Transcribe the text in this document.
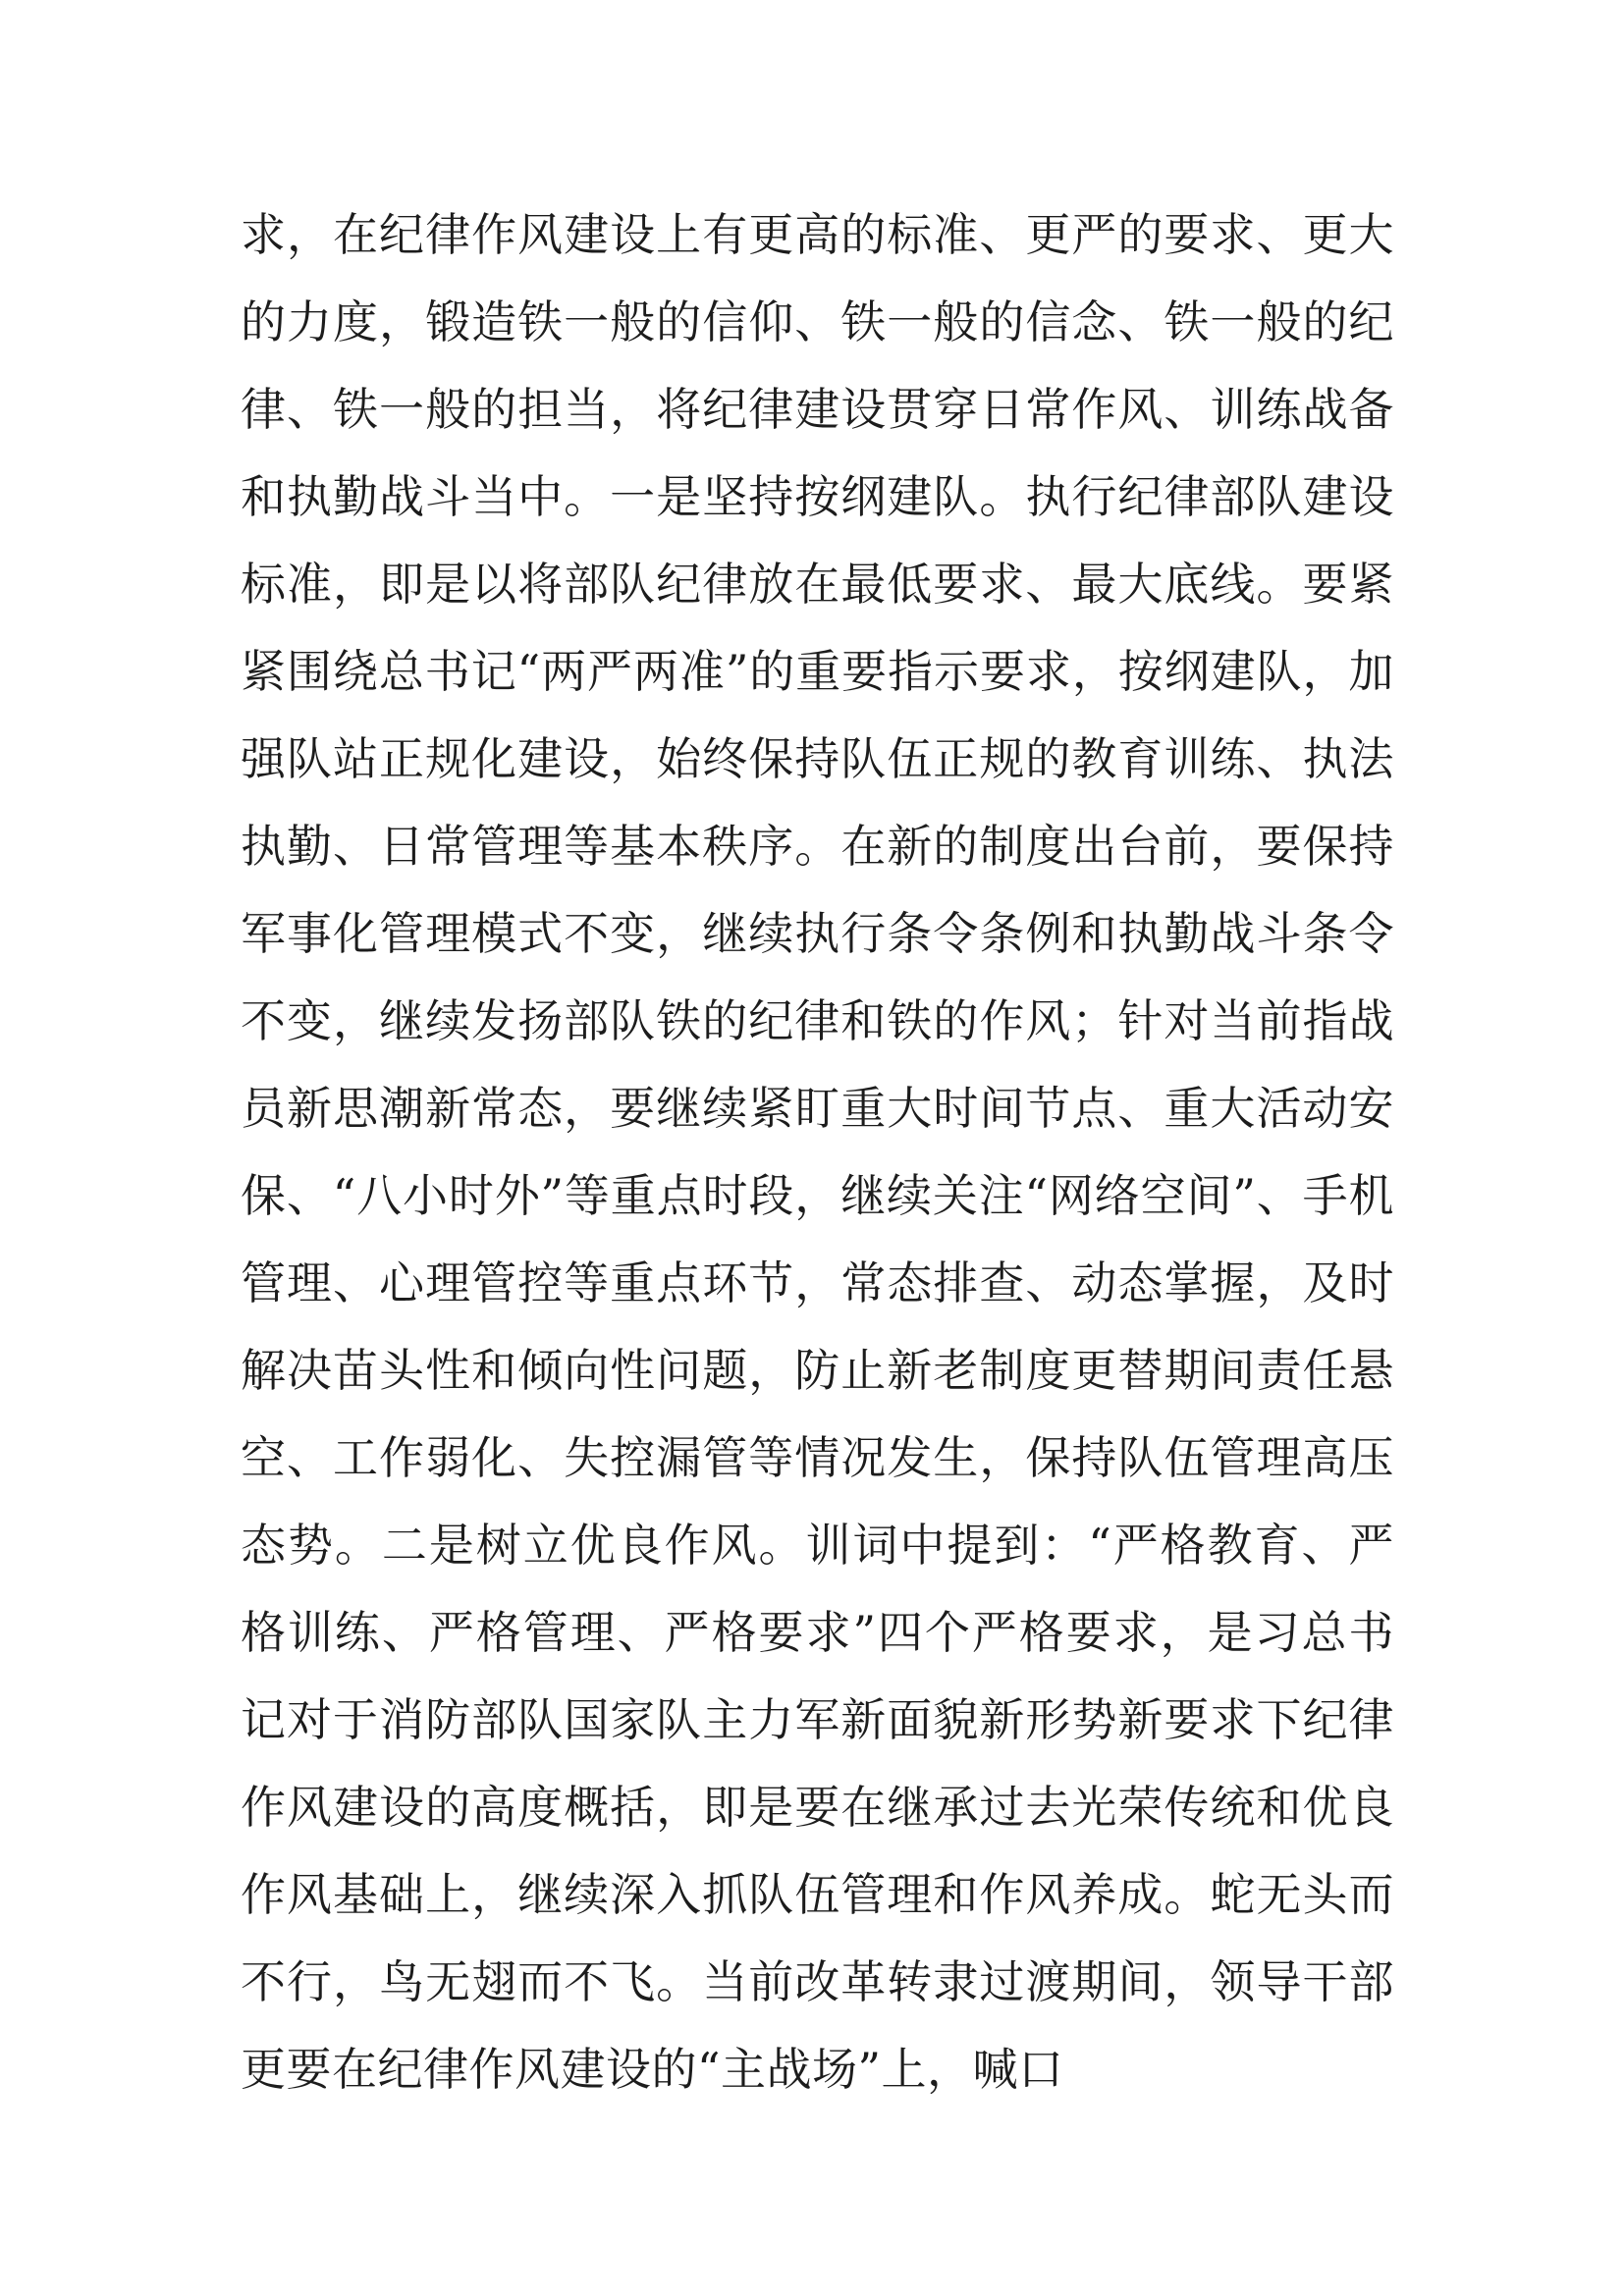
求，在纪律作风建设上有更高的标准、更严的要求、更大的力度，锻造铁一般的信仰、铁一般的信念、铁一般的纪律、铁一般的担当，将纪律建设贯穿日常作风、训练战备和执勤战斗当中。一是坚持按纲建队。执行纪律部队建设标准，即是以将部队纪律放在最低要求、最大底线。要紧紧围绕总书记“两严两准”的重要指示要求，按纲建队，加强队站正规化建设，始终保持队伍正规的教育训练、执法执勤、日常管理等基本秩序。在新的制度出台前，要保持军事化管理模式不变，继续执行条令条例和执勤战斗条令不变，继续发扬部队铁的纪律和铁的作风；针对当前指战员新思潮新常态，要继续紧盯重大时间节点、重大活动安保、“八小时外”等重点时段，继续关注“网络空间”、手机管理、心理管控等重点环节，常态排查、动态掌握，及时解决苗头性和倾向性问题，防止新老制度更替期间责任悬空、工作弱化、失控漏管等情况发生，保持队伍管理高压态势。二是树立优良作风。训词中提到：“严格教育、严格训练、严格管理、严格要求”四个严格要求，是习总书记对于消防部队国家队主力军新面貌新形势新要求下纪律作风建设的高度概括，即是要在继承过去光荣传统和优良作风基础上，继续深入抓队伍管理和作风养成。蛇无头而不行，鸟无翅而不飞。当前改革转隶过渡期间，领导干部更要在纪律作风建设的“主战场”上，喊口
